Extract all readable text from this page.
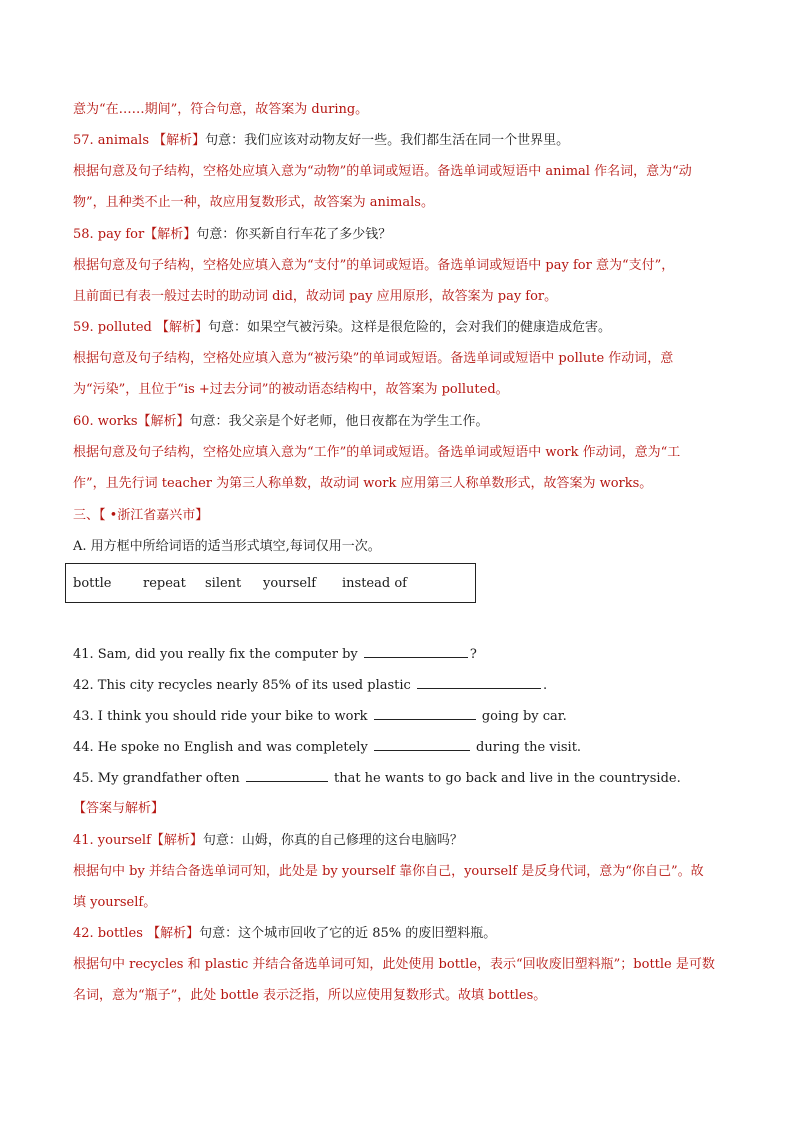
意为“在……期间”，符合句意，故答案为 during。
57. animals 【解析】句意：我们应该对动物友好一些。我们都生活在同一个世界里。
根据句意及句子结构，空格处应填入意为“动物”的单词或短语。备选单词或短语中 animal 作名词，意为“动
物”，且种类不止一种，故应用复数形式，故答案为 animals。
58. pay for【解析】句意：你买新自行车花了多少钱？
根据句意及句子结构，空格处应填入意为“支付”的单词或短语。备选单词或短语中 pay for 意为“支付”，
且前面已有表一般过去时的助动词 did，故动词 pay 应用原形，故答案为 pay for。
59. polluted 【解析】句意：如果空气被污染。这样是很危险的，会对我们的健康造成危害。
根据句意及句子结构，空格处应填入意为“被污染”的单词或短语。备选单词或短语中 pollute 作动词，意
为“污染”，且位于“is +过去分词”的被动语态结构中，故答案为 polluted。
60. works【解析】句意：我父亲是个好老师，他日夜都在为学生工作。
根据句意及句子结构，空格处应填入意为“工作”的单词或短语。备选单词或短语中 work 作动词，意为“工
作”，且先行词 teacher 为第三人称单数，故动词 work 应用第三人称单数形式，故答案为 works。
三、【 •浙江省嘉兴市】
A. 用方框中所给词语的适当形式填空,每词仅用一次。
bottle repeat silent yourself instead of
41. Sam, did you really fix the computer by	?
42. This city recycles nearly 85% of its used plastic	.
43. I think you should ride your bike to work	going by car.
44. He spoke no English and was completely	during the visit.
45. My grandfather often	that he wants to go back and live in the countryside.
【答案与解析】
41. yourself【解析】句意：山姆，你真的自己修理的这台电脑吗？
根据句中 by 并结合备选单词可知，此处是 by yourself 靠你自己，yourself 是反身代词，意为“你自己”。故
填 yourself。
42. bottles 【解析】句意：这个城市回收了它的近 85% 的废旧塑料瓶。
根据句中 recycles 和 plastic 并结合备选单词可知，此处使用 bottle，表示“回收废旧塑料瓶”；bottle 是可数
名词，意为“瓶子”，此处 bottle 表示泛指，所以应使用复数形式。故填 bottles。
